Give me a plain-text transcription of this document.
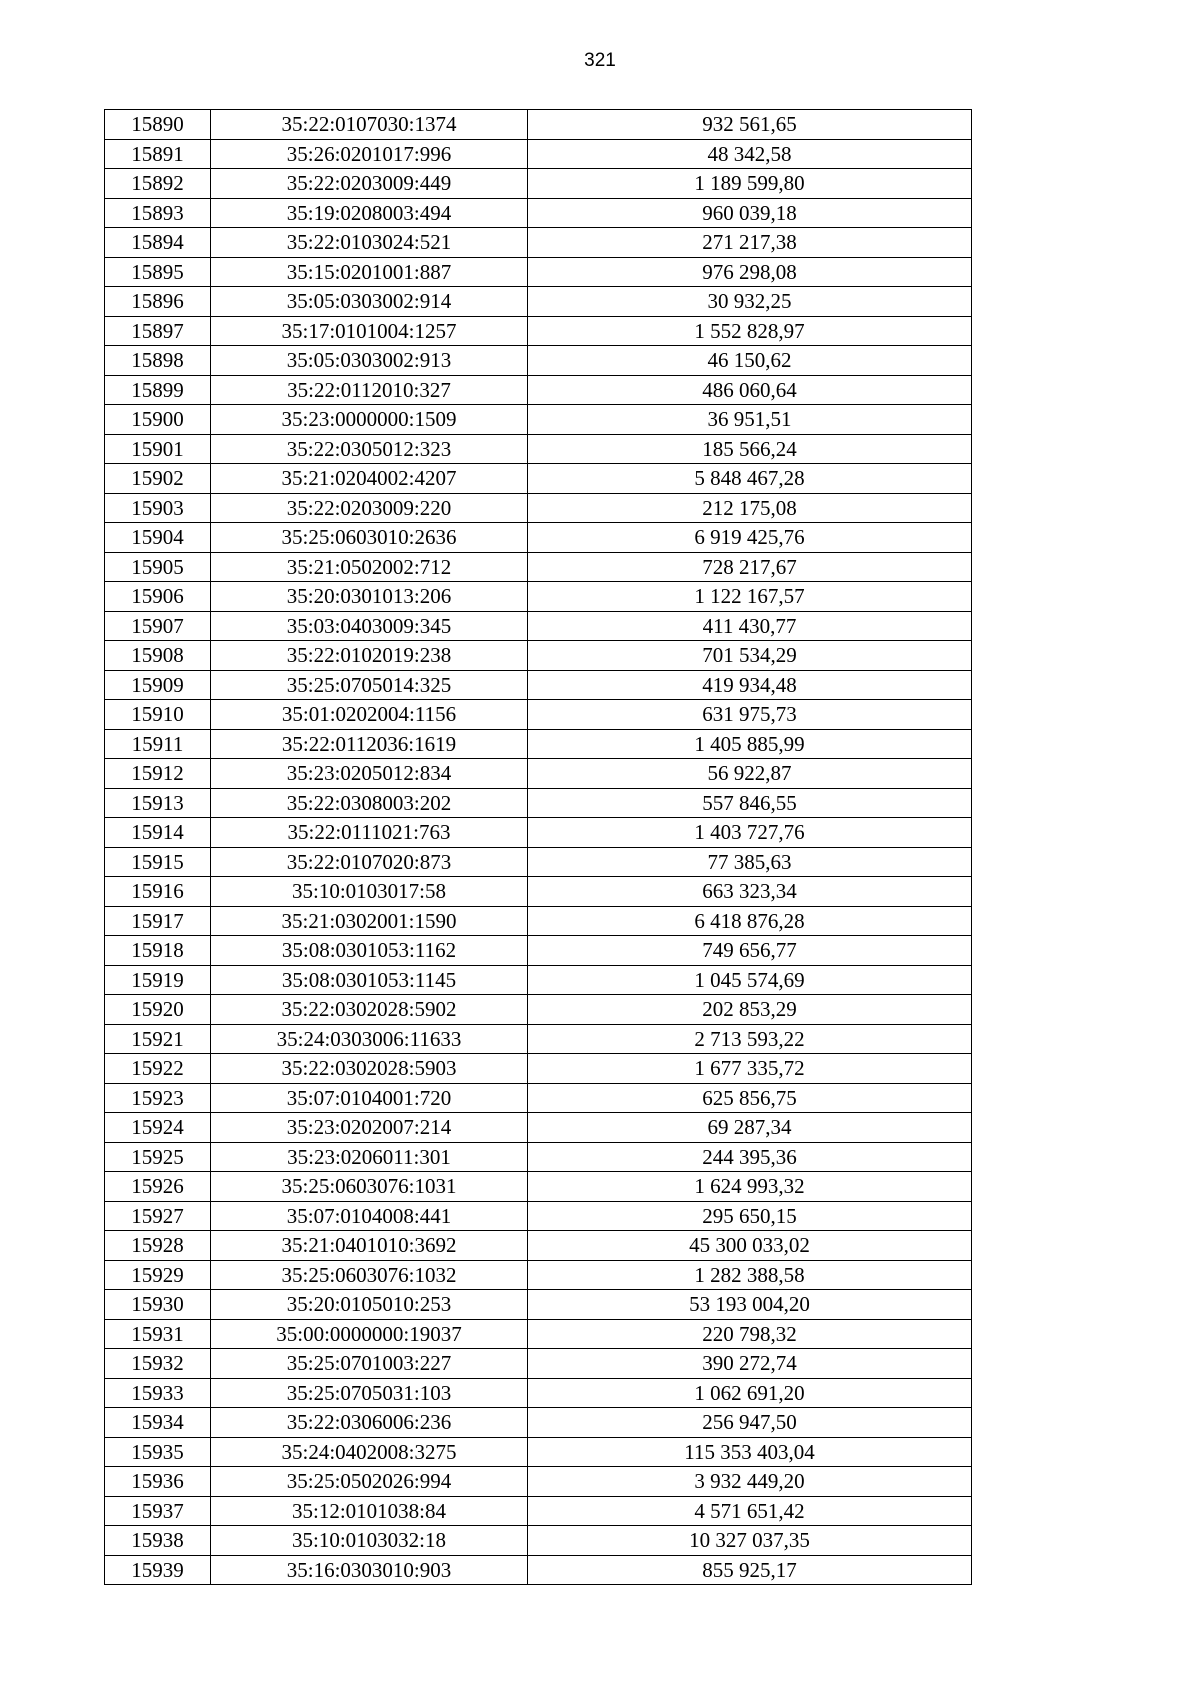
321
15890	35:22:0107030:1374	932 561,65
15891	35:26:0201017:996	48 342,58
15892	35:22:0203009:449	1 189 599,80
15893	35:19:0208003:494	960 039,18
15894	35:22:0103024:521	271 217,38
15895	35:15:0201001:887	976 298,08
15896	35:05:0303002:914	30 932,25
15897	35:17:0101004:1257	1 552 828,97
15898	35:05:0303002:913	46 150,62
15899	35:22:0112010:327	486 060,64
15900	35:23:0000000:1509	36 951,51
15901	35:22:0305012:323	185 566,24
15902	35:21:0204002:4207	5 848 467,28
15903	35:22:0203009:220	212 175,08
15904	35:25:0603010:2636	6 919 425,76
15905	35:21:0502002:712	728 217,67
15906	35:20:0301013:206	1 122 167,57
15907	35:03:0403009:345	411 430,77
15908	35:22:0102019:238	701 534,29
15909	35:25:0705014:325	419 934,48
15910	35:01:0202004:1156	631 975,73
15911	35:22:0112036:1619	1 405 885,99
15912	35:23:0205012:834	56 922,87
15913	35:22:0308003:202	557 846,55
15914	35:22:0111021:763	1 403 727,76
15915	35:22:0107020:873	77 385,63
15916	35:10:0103017:58	663 323,34
15917	35:21:0302001:1590	6 418 876,28
15918	35:08:0301053:1162	749 656,77
15919	35:08:0301053:1145	1 045 574,69
15920	35:22:0302028:5902	202 853,29
15921	35:24:0303006:11633	2 713 593,22
15922	35:22:0302028:5903	1 677 335,72
15923	35:07:0104001:720	625 856,75
15924	35:23:0202007:214	69 287,34
15925	35:23:0206011:301	244 395,36
15926	35:25:0603076:1031	1 624 993,32
15927	35:07:0104008:441	295 650,15
15928	35:21:0401010:3692	45 300 033,02
15929	35:25:0603076:1032	1 282 388,58
15930	35:20:0105010:253	53 193 004,20
15931	35:00:0000000:19037	220 798,32
15932	35:25:0701003:227	390 272,74
15933	35:25:0705031:103	1 062 691,20
15934	35:22:0306006:236	256 947,50
15935	35:24:0402008:3275	115 353 403,04
15936	35:25:0502026:994	3 932 449,20
15937	35:12:0101038:84	4 571 651,42
15938	35:10:0103032:18	10 327 037,35
15939	35:16:0303010:903	855 925,17
